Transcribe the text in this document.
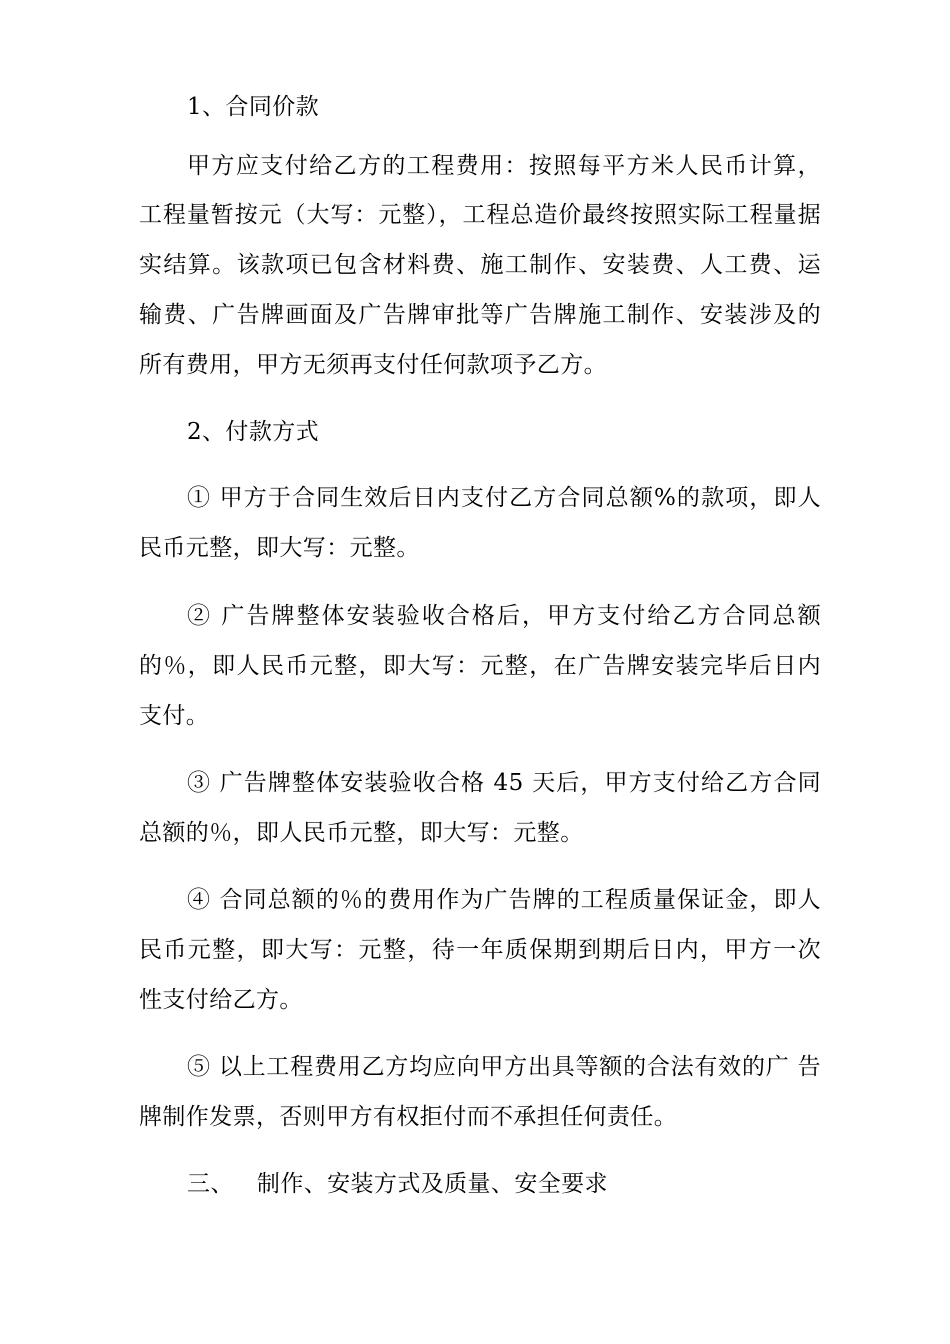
1、合同价款
甲方应支付给乙方的工程费用：按照每平方米人民币计算，
工程量暂按元（大写：元整），工程总造价最终按照实际工程量据
实结算。该款项已包含材料费、施工制作、安装费、人工费、运
输费、广告牌画面及广告牌审批等广告牌施工制作、安装涉及的
所有费用，甲方无须再支付任何款项予乙方。
2、付款方式
① 甲方于合同生效后日内支付乙方合同总额%的款项，即人
民币元整，即大写：元整。
② 广告牌整体安装验收合格后，甲方支付给乙方合同总额
的％，即人民币元整，即大写：元整，在广告牌安装完毕后日内
支付。
③ 广告牌整体安装验收合格 45 天后，甲方支付给乙方合同
总额的％，即人民币元整，即大写：元整。
④ 合同总额的％的费用作为广告牌的工程质量保证金，即人
民币元整，即大写：元整，待一年质保期到期后日内，甲方一次
性支付给乙方。
⑤ 以上工程费用乙方均应向甲方出具等额的合法有效的广 告
牌制作发票，否则甲方有权拒付而不承担任何责任。
三、   制作、安装方式及质量、安全要求
